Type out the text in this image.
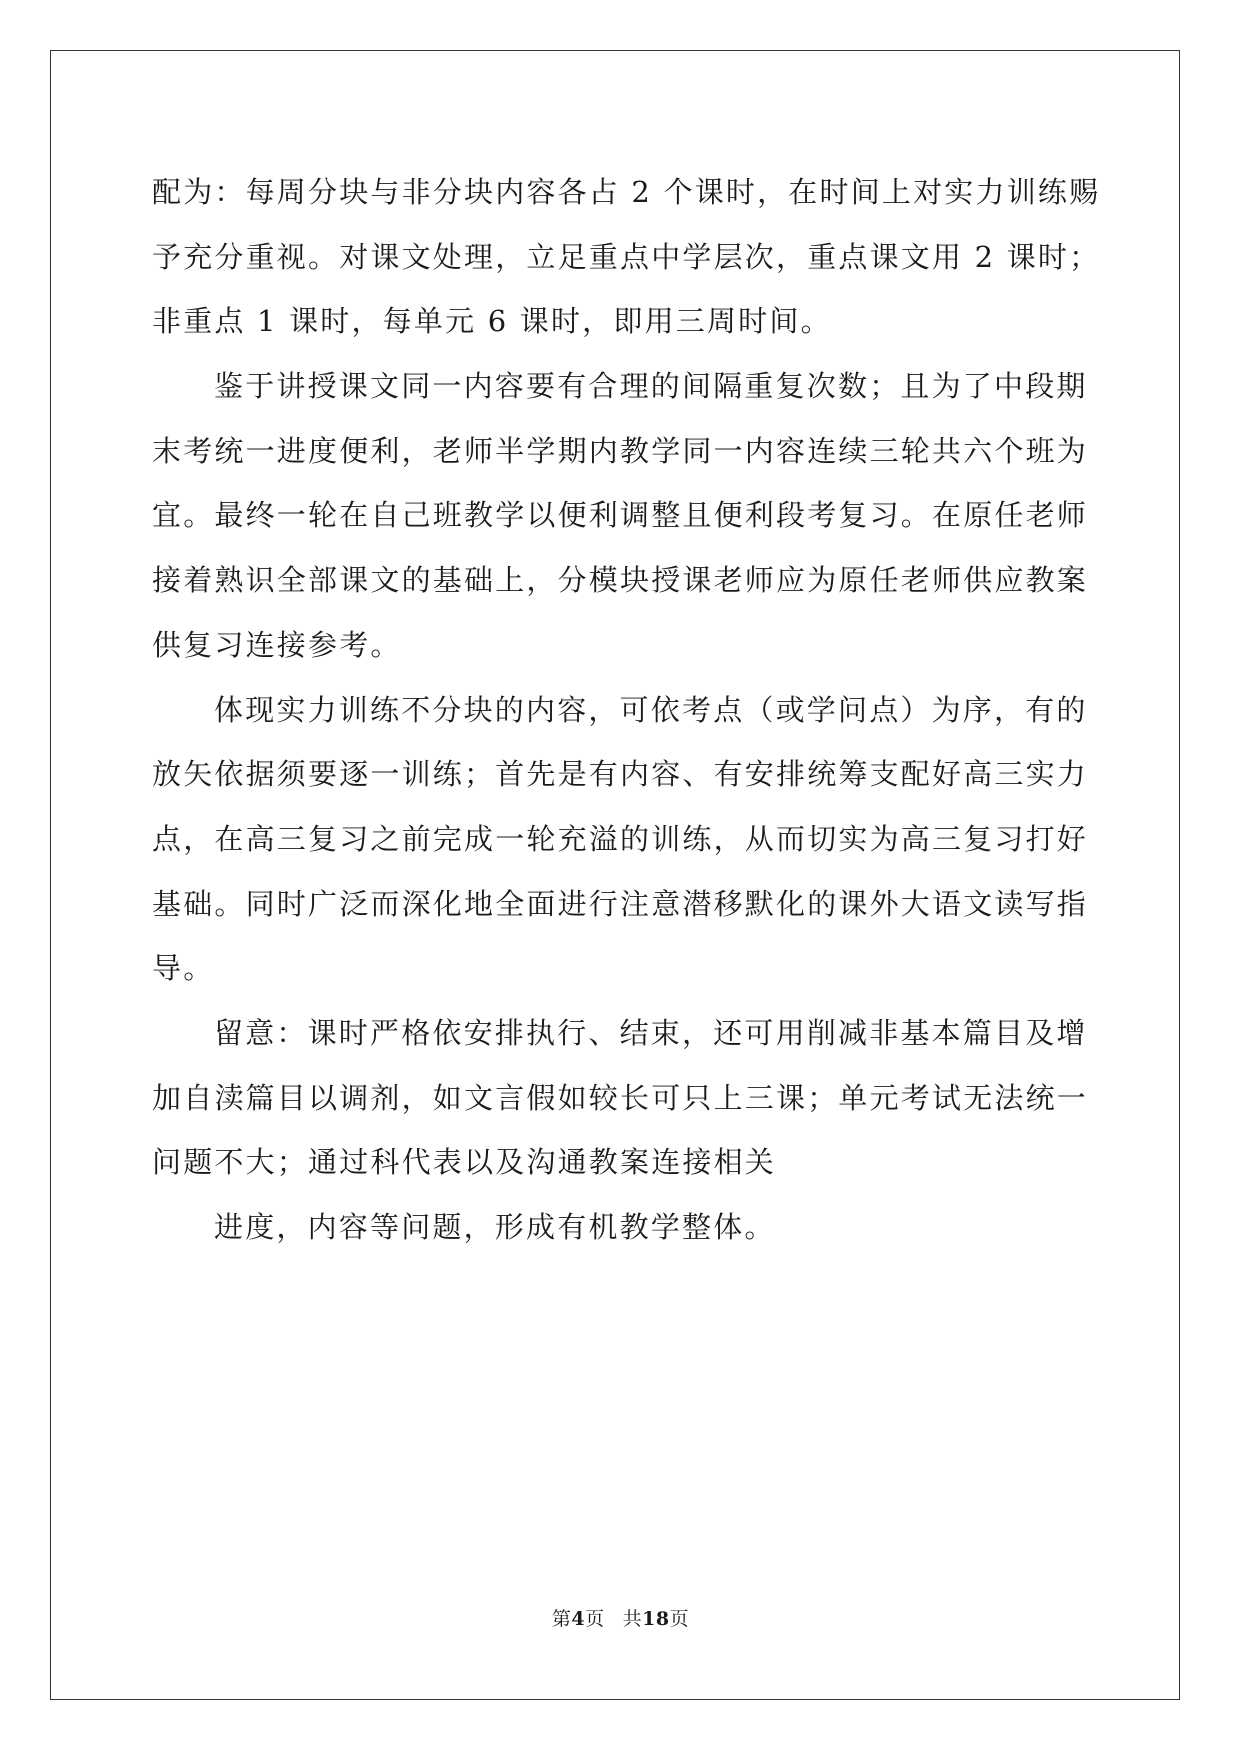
配为：每周分块与非分块内容各占 2 个课时，在时间上对实力训练赐
予充分重视。对课文处理，立足重点中学层次，重点课文用 2 课时；
非重点 1 课时，每单元 6 课时，即用三周时间。
鉴于讲授课文同一内容要有合理的间隔重复次数；且为了中段期
末考统一进度便利，老师半学期内教学同一内容连续三轮共六个班为
宜。最终一轮在自己班教学以便利调整且便利段考复习。在原任老师
接着熟识全部课文的基础上，分模块授课老师应为原任老师供应教案
供复习连接参考。
体现实力训练不分块的内容，可依考点（或学问点）为序，有的
放矢依据须要逐一训练；首先是有内容、有安排统筹支配好高三实力
点，在高三复习之前完成一轮充溢的训练，从而切实为高三复习打好
基础。同时广泛而深化地全面进行注意潜移默化的课外大语文读写指
导。
留意：课时严格依安排执行、结束，还可用削减非基本篇目及增
加自渎篇目以调剂，如文言假如较长可只上三课；单元考试无法统一
问题不大；通过科代表以及沟通教案连接相关
进度，内容等问题，形成有机教学整体。
第4页 共18页
